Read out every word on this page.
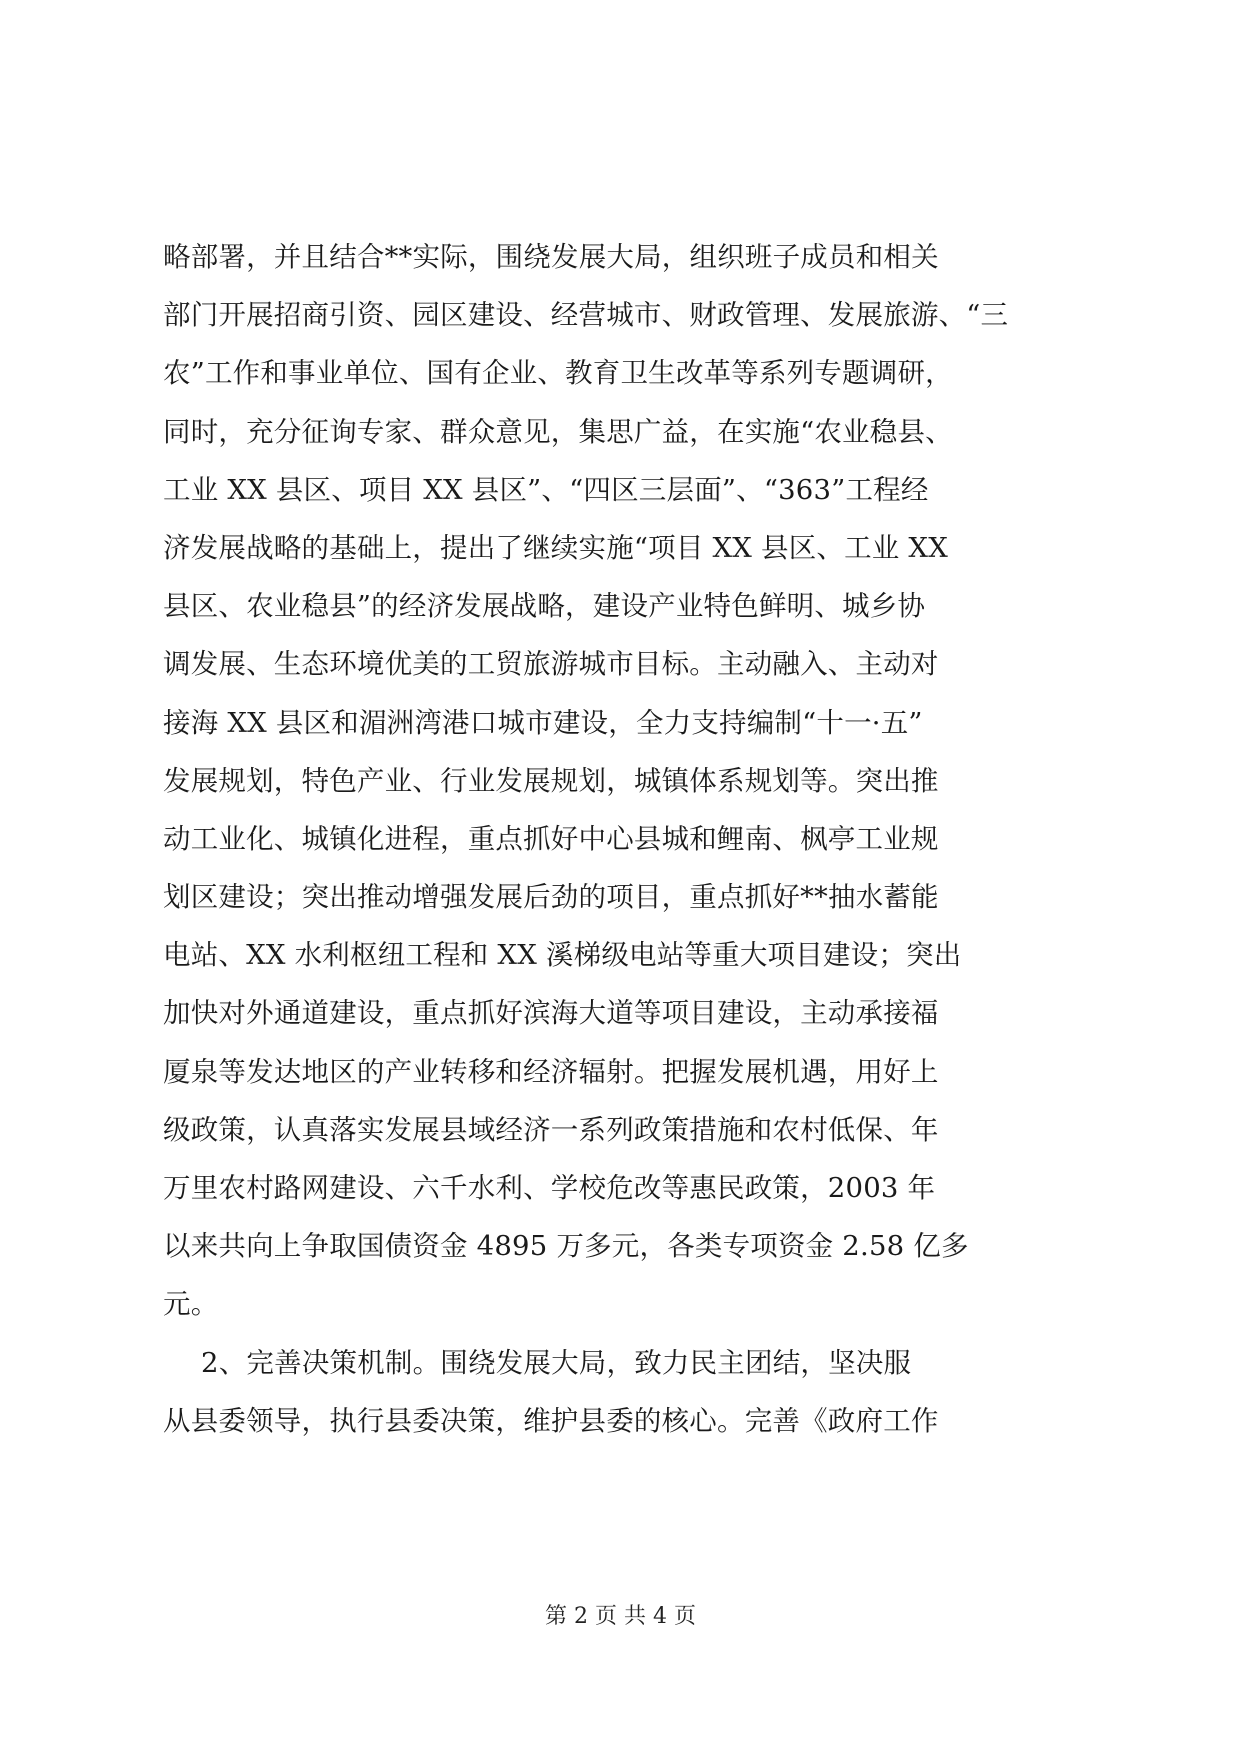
略部署，并且结合**实际，围绕发展大局，组织班子成员和相关
部门开展招商引资、园区建设、经营城市、财政管理、发展旅游、“三
农”工作和事业单位、国有企业、教育卫生改革等系列专题调研，
同时，充分征询专家、群众意见，集思广益，在实施“农业稳县、
工业 XX 县区、项目 XX 县区”、“四区三层面”、“363”工程经
济发展战略的基础上，提出了继续实施“项目 XX 县区、工业 XX
县区、农业稳县”的经济发展战略，建设产业特色鲜明、城乡协
调发展、生态环境优美的工贸旅游城市目标。主动融入、主动对
接海 XX 县区和湄洲湾港口城市建设，全力支持编制“十一·五”
发展规划，特色产业、行业发展规划，城镇体系规划等。突出推
动工业化、城镇化进程，重点抓好中心县城和鲤南、枫亭工业规
划区建设；突出推动增强发展后劲的项目，重点抓好**抽水蓄能
电站、XX 水利枢纽工程和 XX 溪梯级电站等重大项目建设；突出
加快对外通道建设，重点抓好滨海大道等项目建设，主动承接福
厦泉等发达地区的产业转移和经济辐射。把握发展机遇，用好上
级政策，认真落实发展县域经济一系列政策措施和农村低保、年
万里农村路网建设、六千水利、学校危改等惠民政策，2003 年
以来共向上争取国债资金 4895 万多元，各类专项资金 2.58 亿多
元。
2、完善决策机制。围绕发展大局，致力民主团结，坚决服
从县委领导，执行县委决策，维护县委的核心。完善《政府工作
第 2 页 共 4 页
